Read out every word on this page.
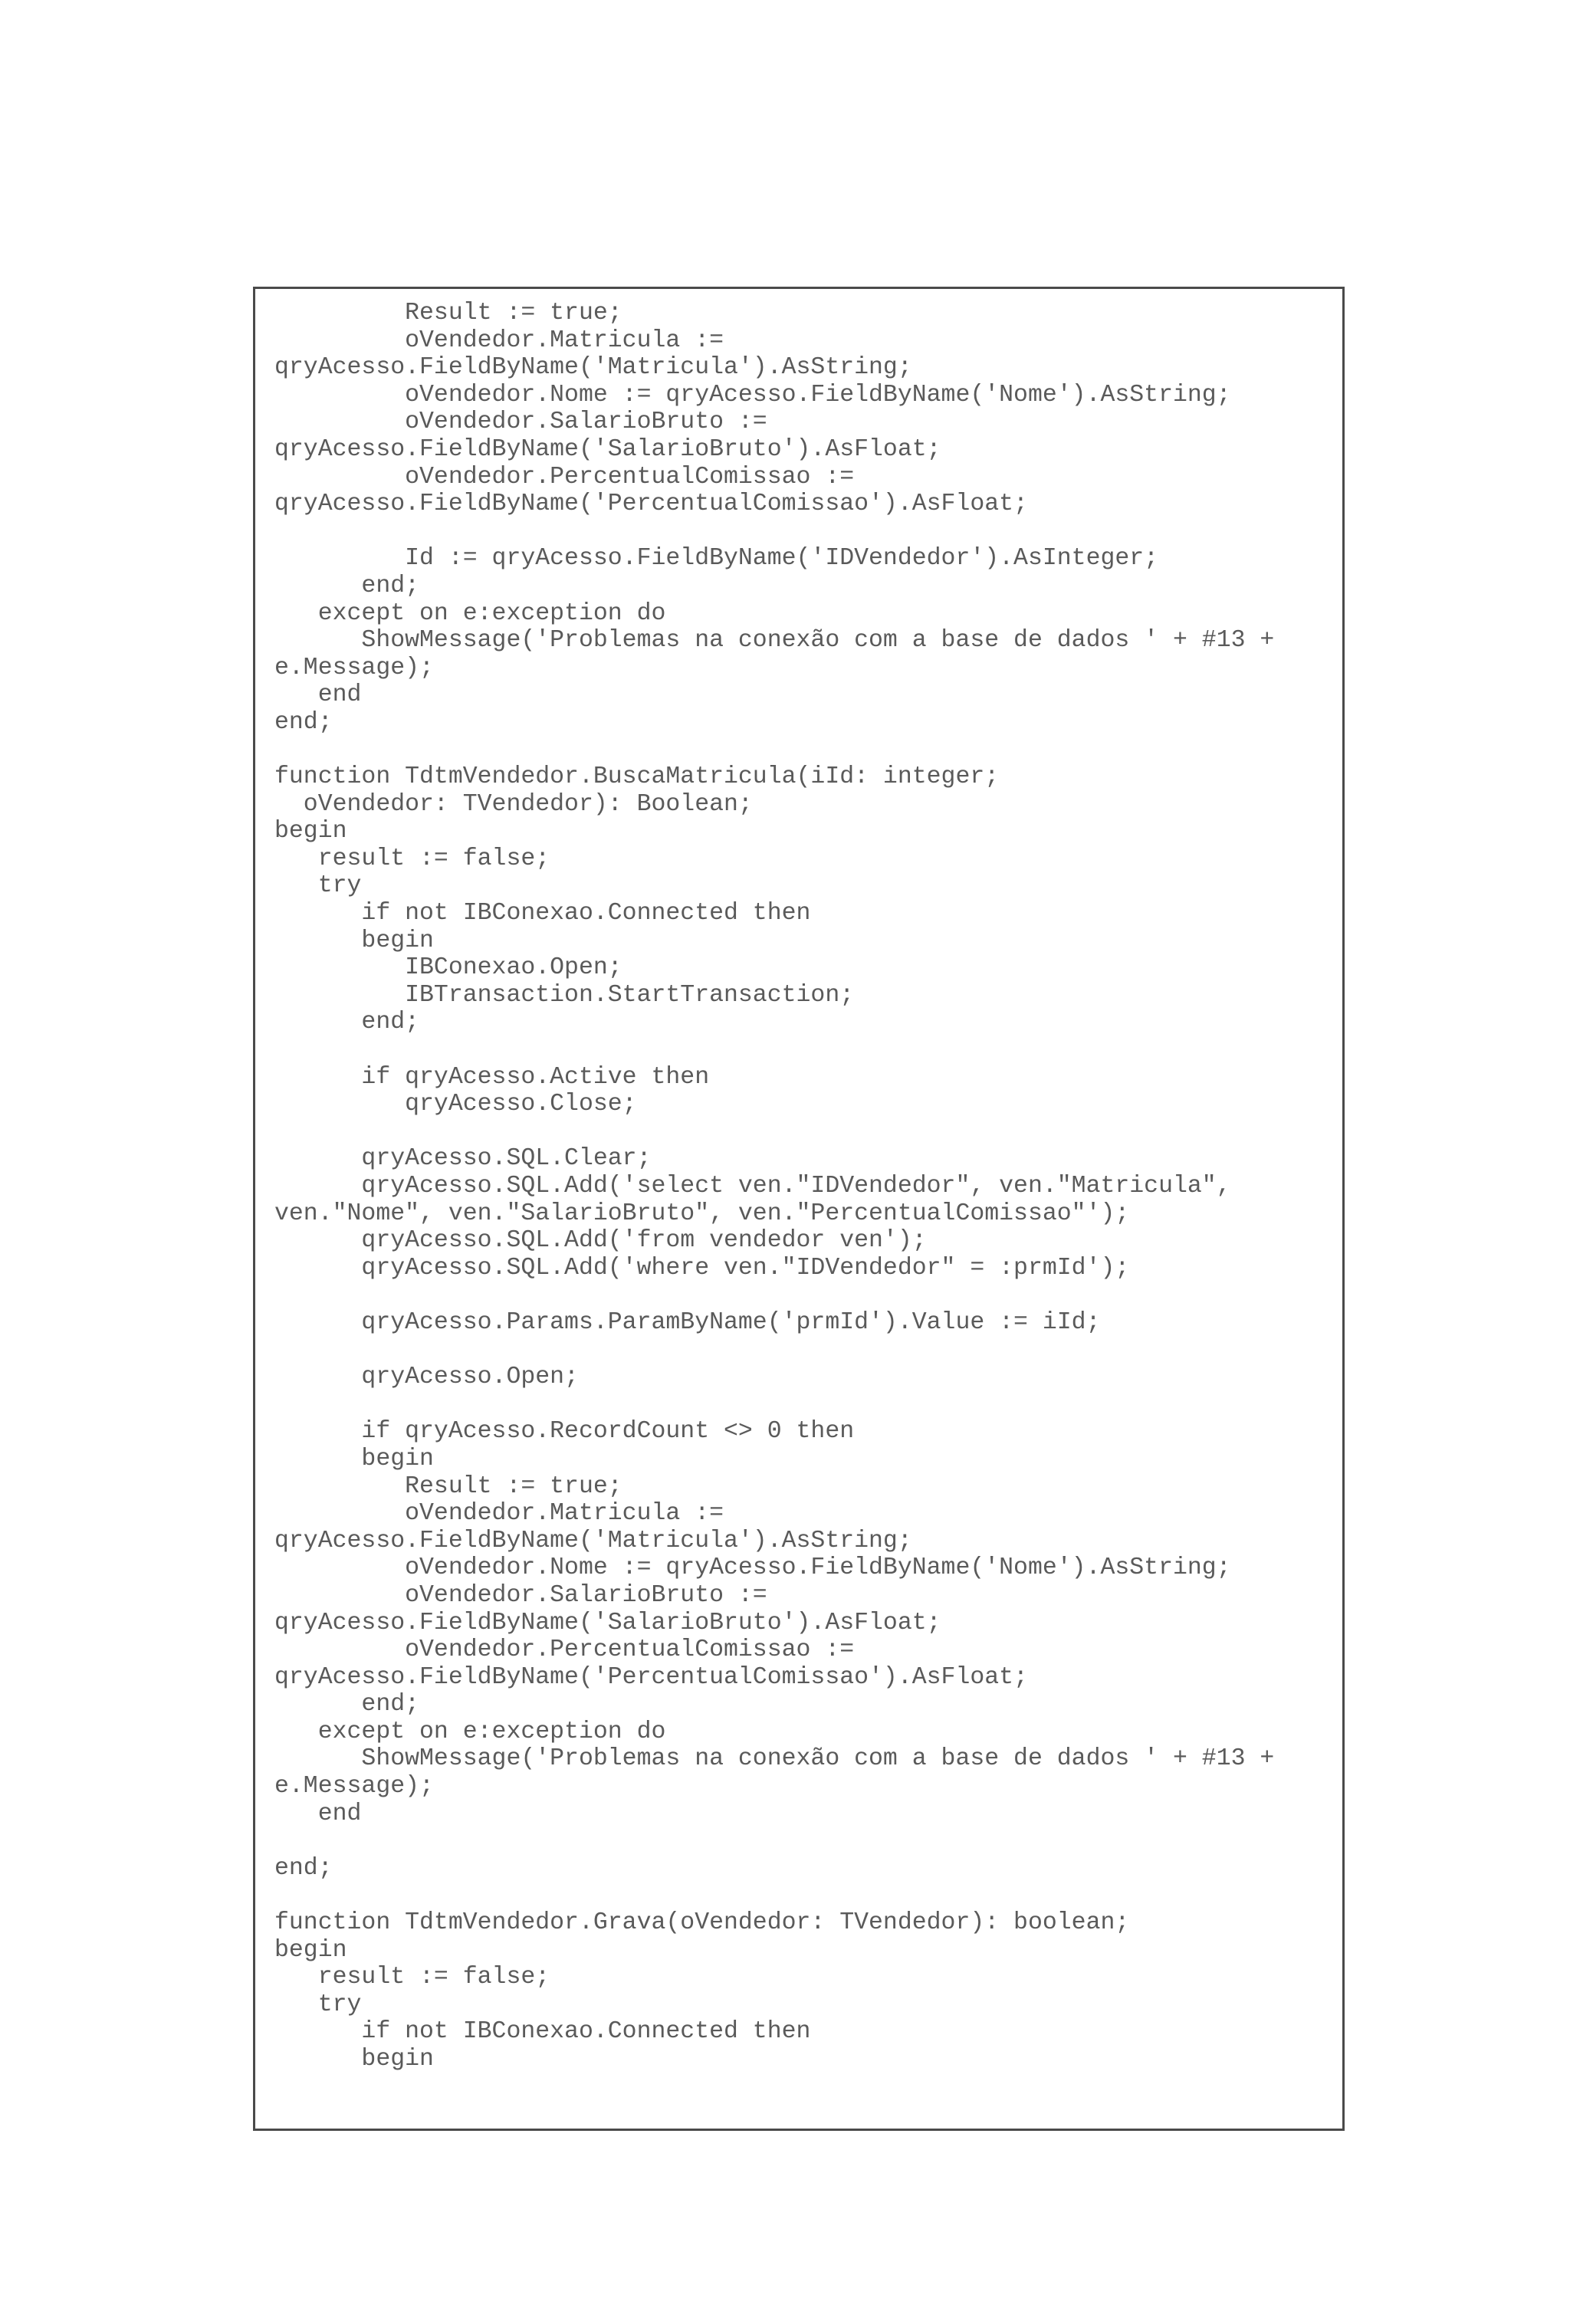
Result := true;
oVendedor.Matricula :=
qryAcesso.FieldByName('Matricula').AsString;
oVendedor.Nome := qryAcesso.FieldByName('Nome').AsString;
oVendedor.SalarioBruto :=
qryAcesso.FieldByName('SalarioBruto').AsFloat;
oVendedor.PercentualComissao :=
qryAcesso.FieldByName('PercentualComissao').AsFloat;
Id := qryAcesso.FieldByName('IDVendedor').AsInteger;
end;
except on e:exception do
ShowMessage('Problemas na conexão com a base de dados ' + #13 +
e.Message);
end
end;
function TdtmVendedor.BuscaMatricula(iId: integer;
oVendedor: TVendedor): Boolean;
begin
result := false;
try
if not IBConexao.Connected then
begin
IBConexao.Open;
IBTransaction.StartTransaction;
end;
if qryAcesso.Active then
qryAcesso.Close;
qryAcesso.SQL.Clear;
qryAcesso.SQL.Add('select ven."IDVendedor", ven."Matricula",
ven."Nome", ven."SalarioBruto", ven."PercentualComissao"');
qryAcesso.SQL.Add('from vendedor ven');
qryAcesso.SQL.Add('where ven."IDVendedor" = :prmId');
qryAcesso.Params.ParamByName('prmId').Value := iId;
qryAcesso.Open;
if qryAcesso.RecordCount <> 0 then
begin
Result := true;
oVendedor.Matricula :=
qryAcesso.FieldByName('Matricula').AsString;
oVendedor.Nome := qryAcesso.FieldByName('Nome').AsString;
oVendedor.SalarioBruto :=
qryAcesso.FieldByName('SalarioBruto').AsFloat;
oVendedor.PercentualComissao :=
qryAcesso.FieldByName('PercentualComissao').AsFloat;
end;
except on e:exception do
ShowMessage('Problemas na conexão com a base de dados ' + #13 +
e.Message);
end
end;
function TdtmVendedor.Grava(oVendedor: TVendedor): boolean;
begin
result := false;
try
if not IBConexao.Connected then
begin
